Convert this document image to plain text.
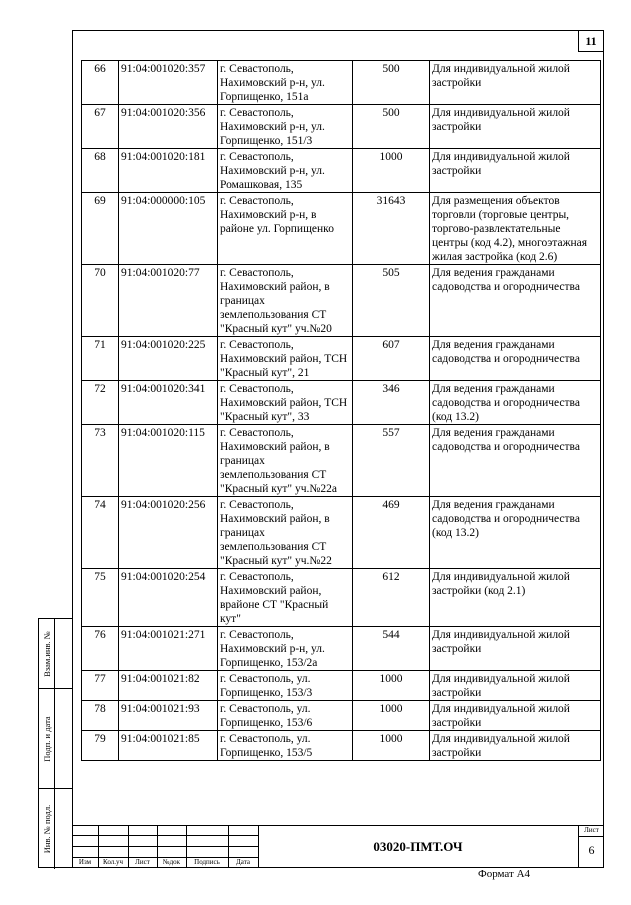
11
66	91:04:001020:357	г. Севастополь, Нахимовский р-н, ул. Горпищенко, 151а	500	Для индивидуальной жилой застройки
67	91:04:001020:356	г. Севастополь, Нахимовский р-н, ул. Горпищенко, 151/3	500	Для индивидуальной жилой застройки
68	91:04:001020:181	г. Севастополь, Нахимовский р-н, ул. Ромашковая, 135	1000	Для индивидуальной жилой застройки
69	91:04:000000:105	г. Севастополь, Нахимовский р-н, в районе ул. Горпищенко	31643	Для размещения объектов торговли (торговые центры, торгово-развлектательные центры (код 4.2), многоэтажная жилая застройка (код 2.6)
70	91:04:001020:77	г. Севастополь, Нахимовский район, в границах землепользования СТ "Красный кут" уч.№20	505	Для ведения гражданами садоводства и огородничества
71	91:04:001020:225	г. Севастополь, Нахимовский район, ТСН "Красный кут", 21	607	Для ведения гражданами садоводства и огородничества
72	91:04:001020:341	г. Севастополь, Нахимовский район, ТСН "Красный кут", 33	346	Для ведения гражданами садоводства и огородничества (код 13.2)
73	91:04:001020:115	г. Севастополь, Нахимовский район, в границах землепользования СТ "Красный кут" уч.№22а	557	Для ведения гражданами садоводства и огородничества
74	91:04:001020:256	г. Севастополь, Нахимовский район, в границах землепользования СТ "Красный кут" уч.№22	469	Для ведения гражданами садоводства и огородничества (код 13.2)
75	91:04:001020:254	г. Севастополь, Нахимовский район, врайоне СТ "Красный кут"	612	Для индивидуальной жилой застройки (код 2.1)
76	91:04:001021:271	г. Севастополь, Нахимовский р-н, ул. Горпищенко, 153/2а	544	Для индивидуальной жилой застройки
77	91:04:001021:82	г. Севастополь, ул. Горпищенко, 153/3	1000	Для индивидуальной жилой застройки
78	91:04:001021:93	г. Севастополь, ул. Горпищенко, 153/6	1000	Для индивидуальной жилой застройки
79	91:04:001021:85	г. Севастополь, ул. Горпищенко, 153/5	1000	Для индивидуальной жилой застройки
Взам.инв. №
Подп. и дата
Инв. № подл.
Изм	Кол.уч	Лист	№док	Подпись	Дата
03020-ПМТ.ОЧ
Лист
6
Формат А4
